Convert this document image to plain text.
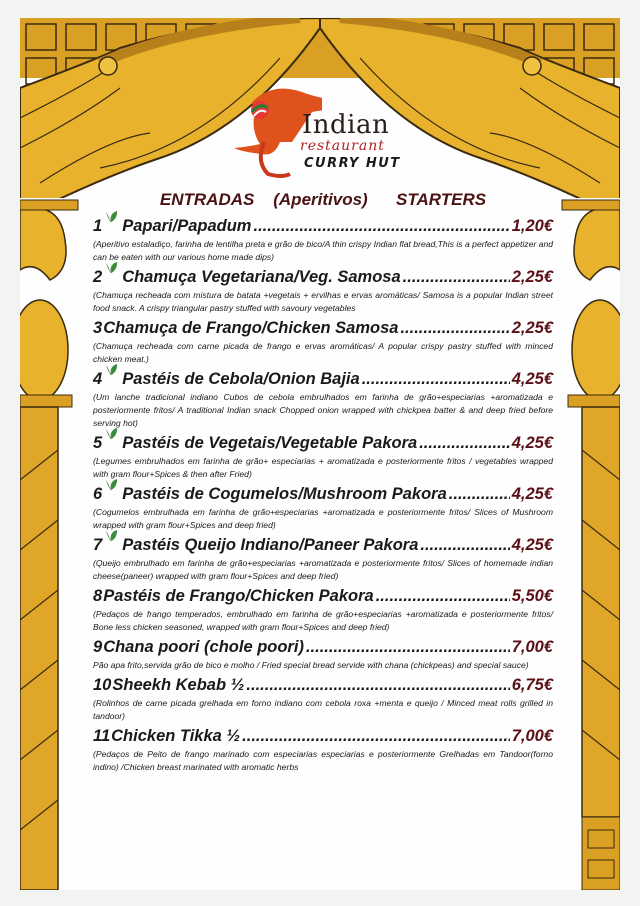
Indian
restaurant
CURRY HUT
ENTRADAS    (Aperitivos)      STARTERS
1 Papari/Papadum .....	1,20€
(Aperitivo estaladiço, farinha de lentilha preta e grão de bico/A thin crispy Indian flat bread,This is a perfect appetizer and can be eaten with our various home made dips)
2 Chamuça Vegetariana/Veg. Samosa .....	2,25€
(Chamuça recheada com mistura de batata +vegetais + ervilhas e ervas aromáticas/ Samosa is a popular Indian street food snack. A crispy triangular pastry stuffed with savoury vegetables
3 Chamuça de Frango/Chicken Samosa .....	2,25€
(Chamuça recheada com carne picada de frango e ervas aromáticas/ A popular crispy pastry stuffed with minced chicken meat.)
4 Pastéis de Cebola/Onion Bajia .....	4,25€
(Um lanche tradicional indiano Cubos de cebola embrulhados em farinha de grão+especiarias +aromatizada e posteriormente fritos/ A traditional Indian snack Chopped onion wrapped with chickpea batter & and deep fried before serving hot)
5 Pastéis de Vegetais/Vegetable Pakora .....	4,25€
(Legumes embrulhados em farinha de grão+ especiarias + aromatizada e posteriormente fritos / vegetables wrapped with gram flour+Spices & then after Fried)
6 Pastéis de Cogumelos/Mushroom Pakora .....	4,25€
(Cogumelos embrulhada em farinha de grão+especiarias +aromatizada e posteriormente fritos/ Slices of Mushroom wrapped with gram flour+Spices and deep fried)
7 Pastéis Queijo Indiano/Paneer Pakora .....	4,25€
(Queijo embrulhado em farinha de grão+especiarias +aromatizada e posteriormente fritos/ Slices of homemade indian cheese(paneer) wrapped with gram flour+Spices and deep fried)
8 Pastéis de Frango/Chicken Pakora .....	5,50€
(Pedaços de frango temperados, embrulhado em farinha de grão+especiarias +aromatizada e posteriormente fritos/ Bone less chicken seasoned, wrapped with gram flour+Spices and deep fried)
9 Chana poori (chole poori) .....	7,00€
Pão apa frito,servida grão de bico e molho / Fried special bread servide with chana (chickpeas) and special sauce)
10 Sheekh Kebab ½ .....	6,75€
(Rolinhos de carne picada grelhada em forno indiano com cebola roxa +menta e queijo / Minced meat rolls grilled in tandoor)
11 Chicken Tikka ½ .....	7,00€
(Pedaços de Peito de frango marinado com especiarias especiarias e posteriormente Grelhadas em Tandoor(forno indino) /Chicken breast marinated with aromatic herbs
